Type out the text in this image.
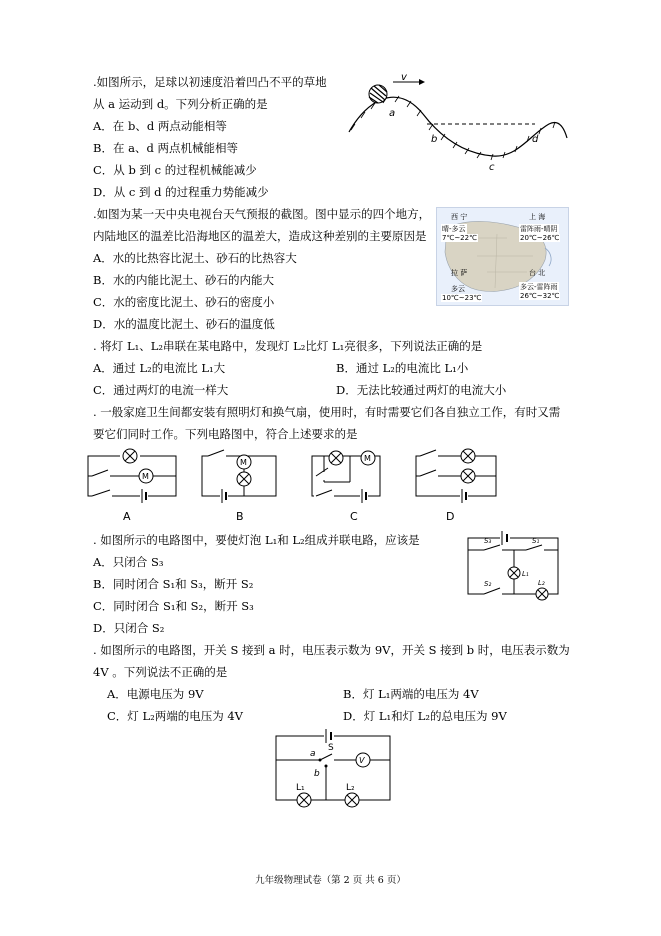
.如图所示，足球以初速度沿着凹凸不平的草地
从 a 运动到 d。下列分析正确的是
A．在 b、d 两点动能相等
B．在 a、d 两点机械能相等
C．从 b 到 c 的过程机械能减少
D．从 c 到 d 的过程重力势能减少
v
a
b
c
d
.如图为某一天中央电视台天气预报的截图。图中显示的四个地方，
内陆地区的温差比沿海地区的温差大，造成这种差别的主要原因是
A．水的比热容比泥土、砂石的比热容大
B．水的内能比泥土、砂石的内能大
C．水的密度比泥土、砂石的密度小
D．水的温度比泥土、砂石的温度低
西 宁
晴-多云
7℃~22℃
上 海
雷阵雨-晴阴
20℃~26℃
拉 萨
多云
10℃~23℃
台 北
多云-雷阵雨
26℃~32℃
. 将灯 L₁、L₂串联在某电路中，发现灯 L₂比灯 L₁亮很多，下列说法正确的是
A．通过 L₂的电流比 L₁大	B．通过 L₂的电流比 L₁小
C．通过两灯的电流一样大	D．无法比较通过两灯的电流大小
. 一般家庭卫生间都安装有照明灯和换气扇，使用时，有时需要它们各自独立工作，有时又需
要它们同时工作。下列电路图中，符合上述要求的是
M
M	M
A	B	C	D
. 如图所示的电路图中，要使灯泡 L₁和 L₂组成并联电路，应该是
A．只闭合 S₃
B．同时闭合 S₁和 S₃，断开 S₂
C．同时闭合 S₁和 S₂，断开 S₃
D．只闭合 S₂
S₃	S₁
L₁
S₂	L₂
. 如图所示的电路图，开关 S 接到 a 时，电压表示数为 9V，开关 S 接到 b 时，电压表示数为
4V 。下列说法不正确的是
A．电源电压为 9V	B．灯 L₁两端的电压为 4V
C．灯 L₂两端的电压为 4V	D．灯 L₁和灯 L₂的总电压为 9V
V
a
S
b
L₁	L₂
九年级物理试卷（第 2 页 共 6 页）
